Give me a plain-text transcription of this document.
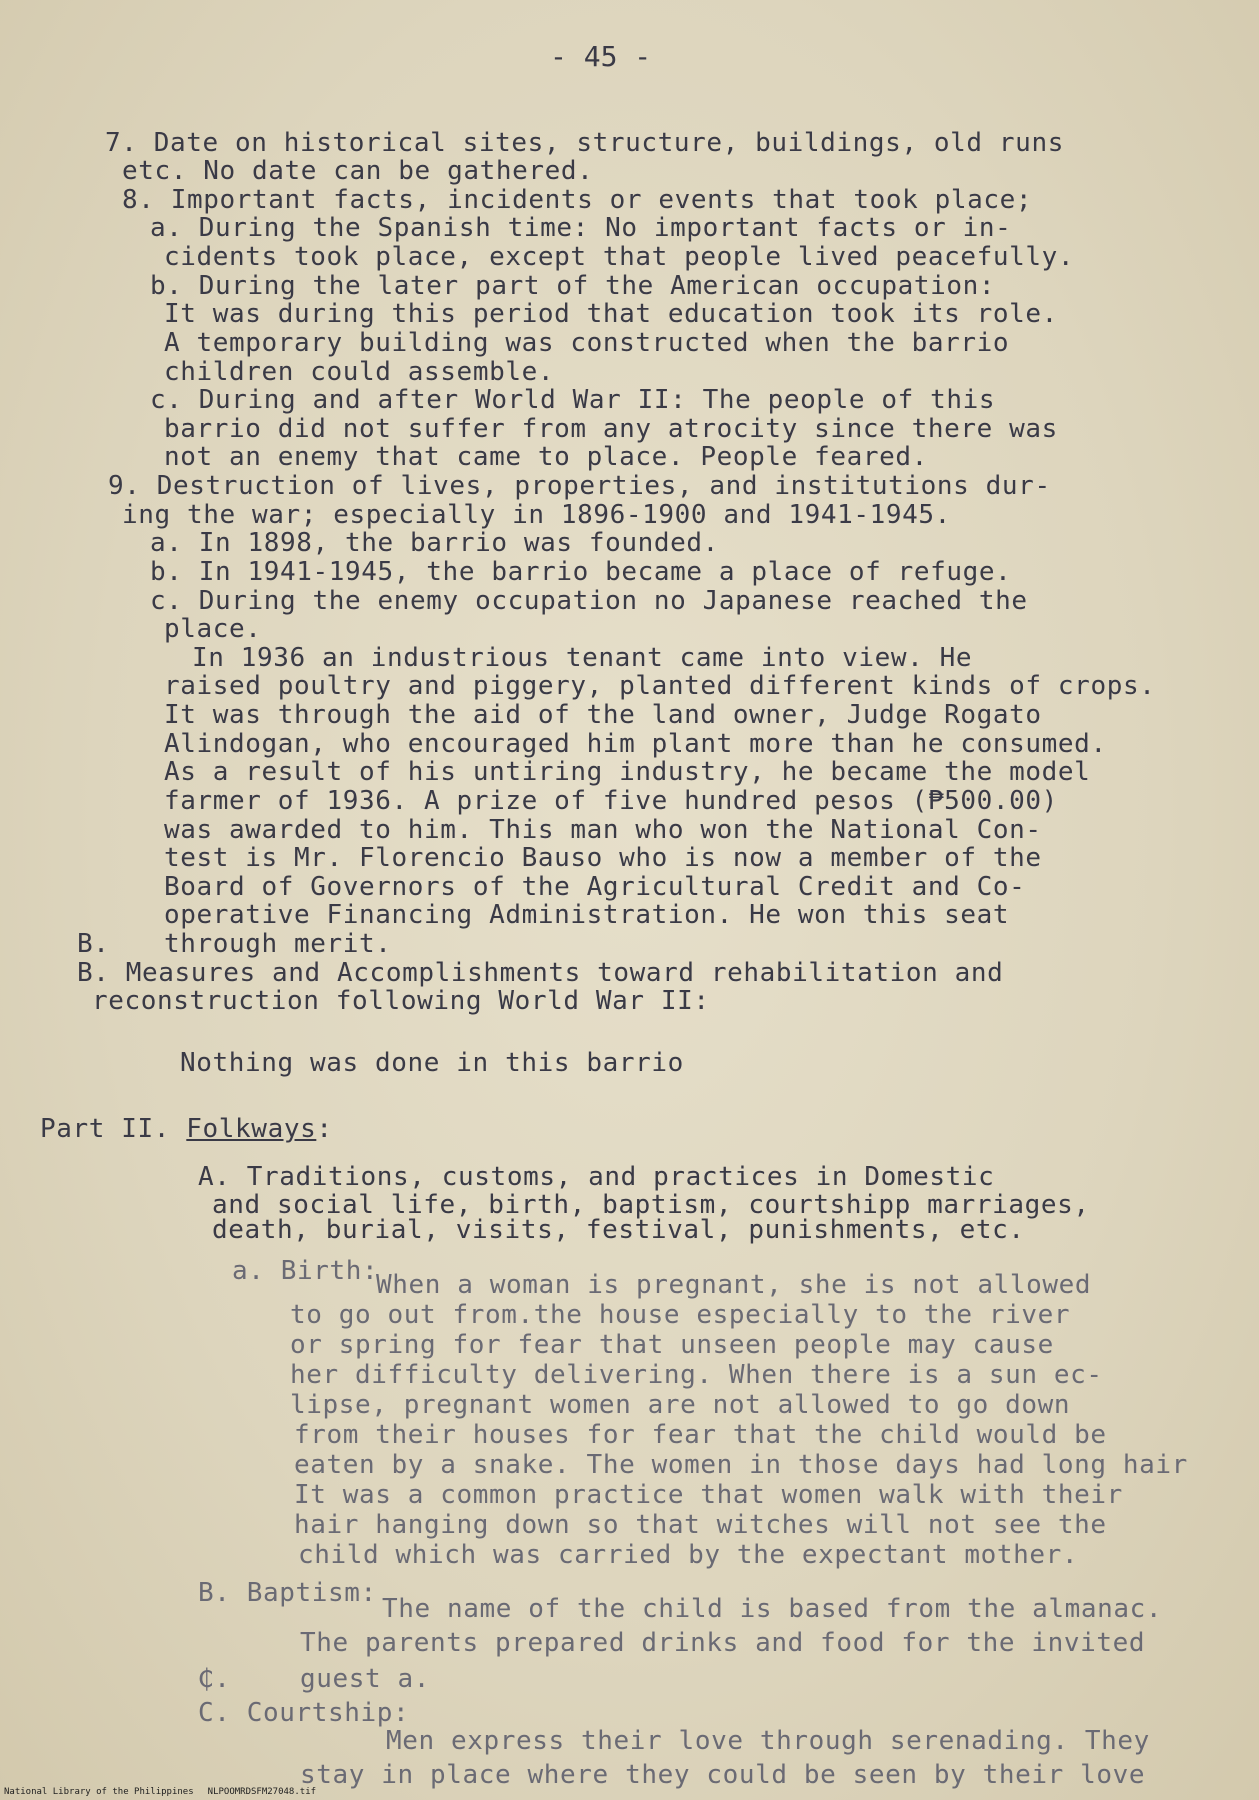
- 45 -
7. Date on historical sites, structure, buildings, old runs
etc. No date can be gathered.
8. Important facts, incidents or events that took place;
a. During the Spanish time: No important facts or in-
cidents took place, except that people lived peacefully.
b. During the later part of the American occupation:
It was during this period that education took its role.
A temporary building was constructed when the barrio
children could assemble.
c. During and after World War II: The people of this
barrio did not suffer from any atrocity since there was
not an enemy that came to place. People feared.
9. Destruction of lives, properties, and institutions dur-
ing the war; especially in 1896-1900 and 1941-1945.
a. In 1898, the barrio was founded.
b. In 1941-1945, the barrio became a place of refuge.
c. During the enemy occupation no Japanese reached the
place.
In 1936 an industrious tenant came into view. He
raised poultry and piggery, planted different kinds of crops.
It was through the aid of the land owner, Judge Rogato
Alindogan, who encouraged him plant more than he consumed.
As a result of his untiring industry, he became the model
farmer of 1936. A prize of five hundred pesos (₱500.00)
was awarded to him. This man who won the National Con-
test is Mr. Florencio Bauso who is now a member of the
Board of Governors of the Agricultural Credit and Co-
operative Financing Administration. He won this seat
B. through merit.
B. Measures and Accomplishments toward rehabilitation and
reconstruction following World War II:
Nothing was done in this barrio
Part II. Folkways:
A. Traditions, customs, and practices in Domestic
and social life, birth, baptism, courtshipp marriages,
death, burial, visits, festival, punishments, etc.
a. Birth:
When a woman is pregnant, she is not allowed
to go out from.the house especially to the river
or spring for fear that unseen people may cause
her difficulty delivering. When there is a sun ec-
lipse, pregnant women are not allowed to go down
from their houses for fear that the child would be
eaten by a snake. The women in those days had long hair
It was a common practice that women walk with their
hair hanging down so that witches will not see the
child which was carried by the expectant mother.
B. Baptism:
The name of the child is based from the almanac.
The parents prepared drinks and food for the invited
₵.	guest a.
C. Courtship:
Men express their love through serenading. They
stay in place where they could be seen by their love
National Library of the Philippines NLPOOMRDSFM27048.tif
